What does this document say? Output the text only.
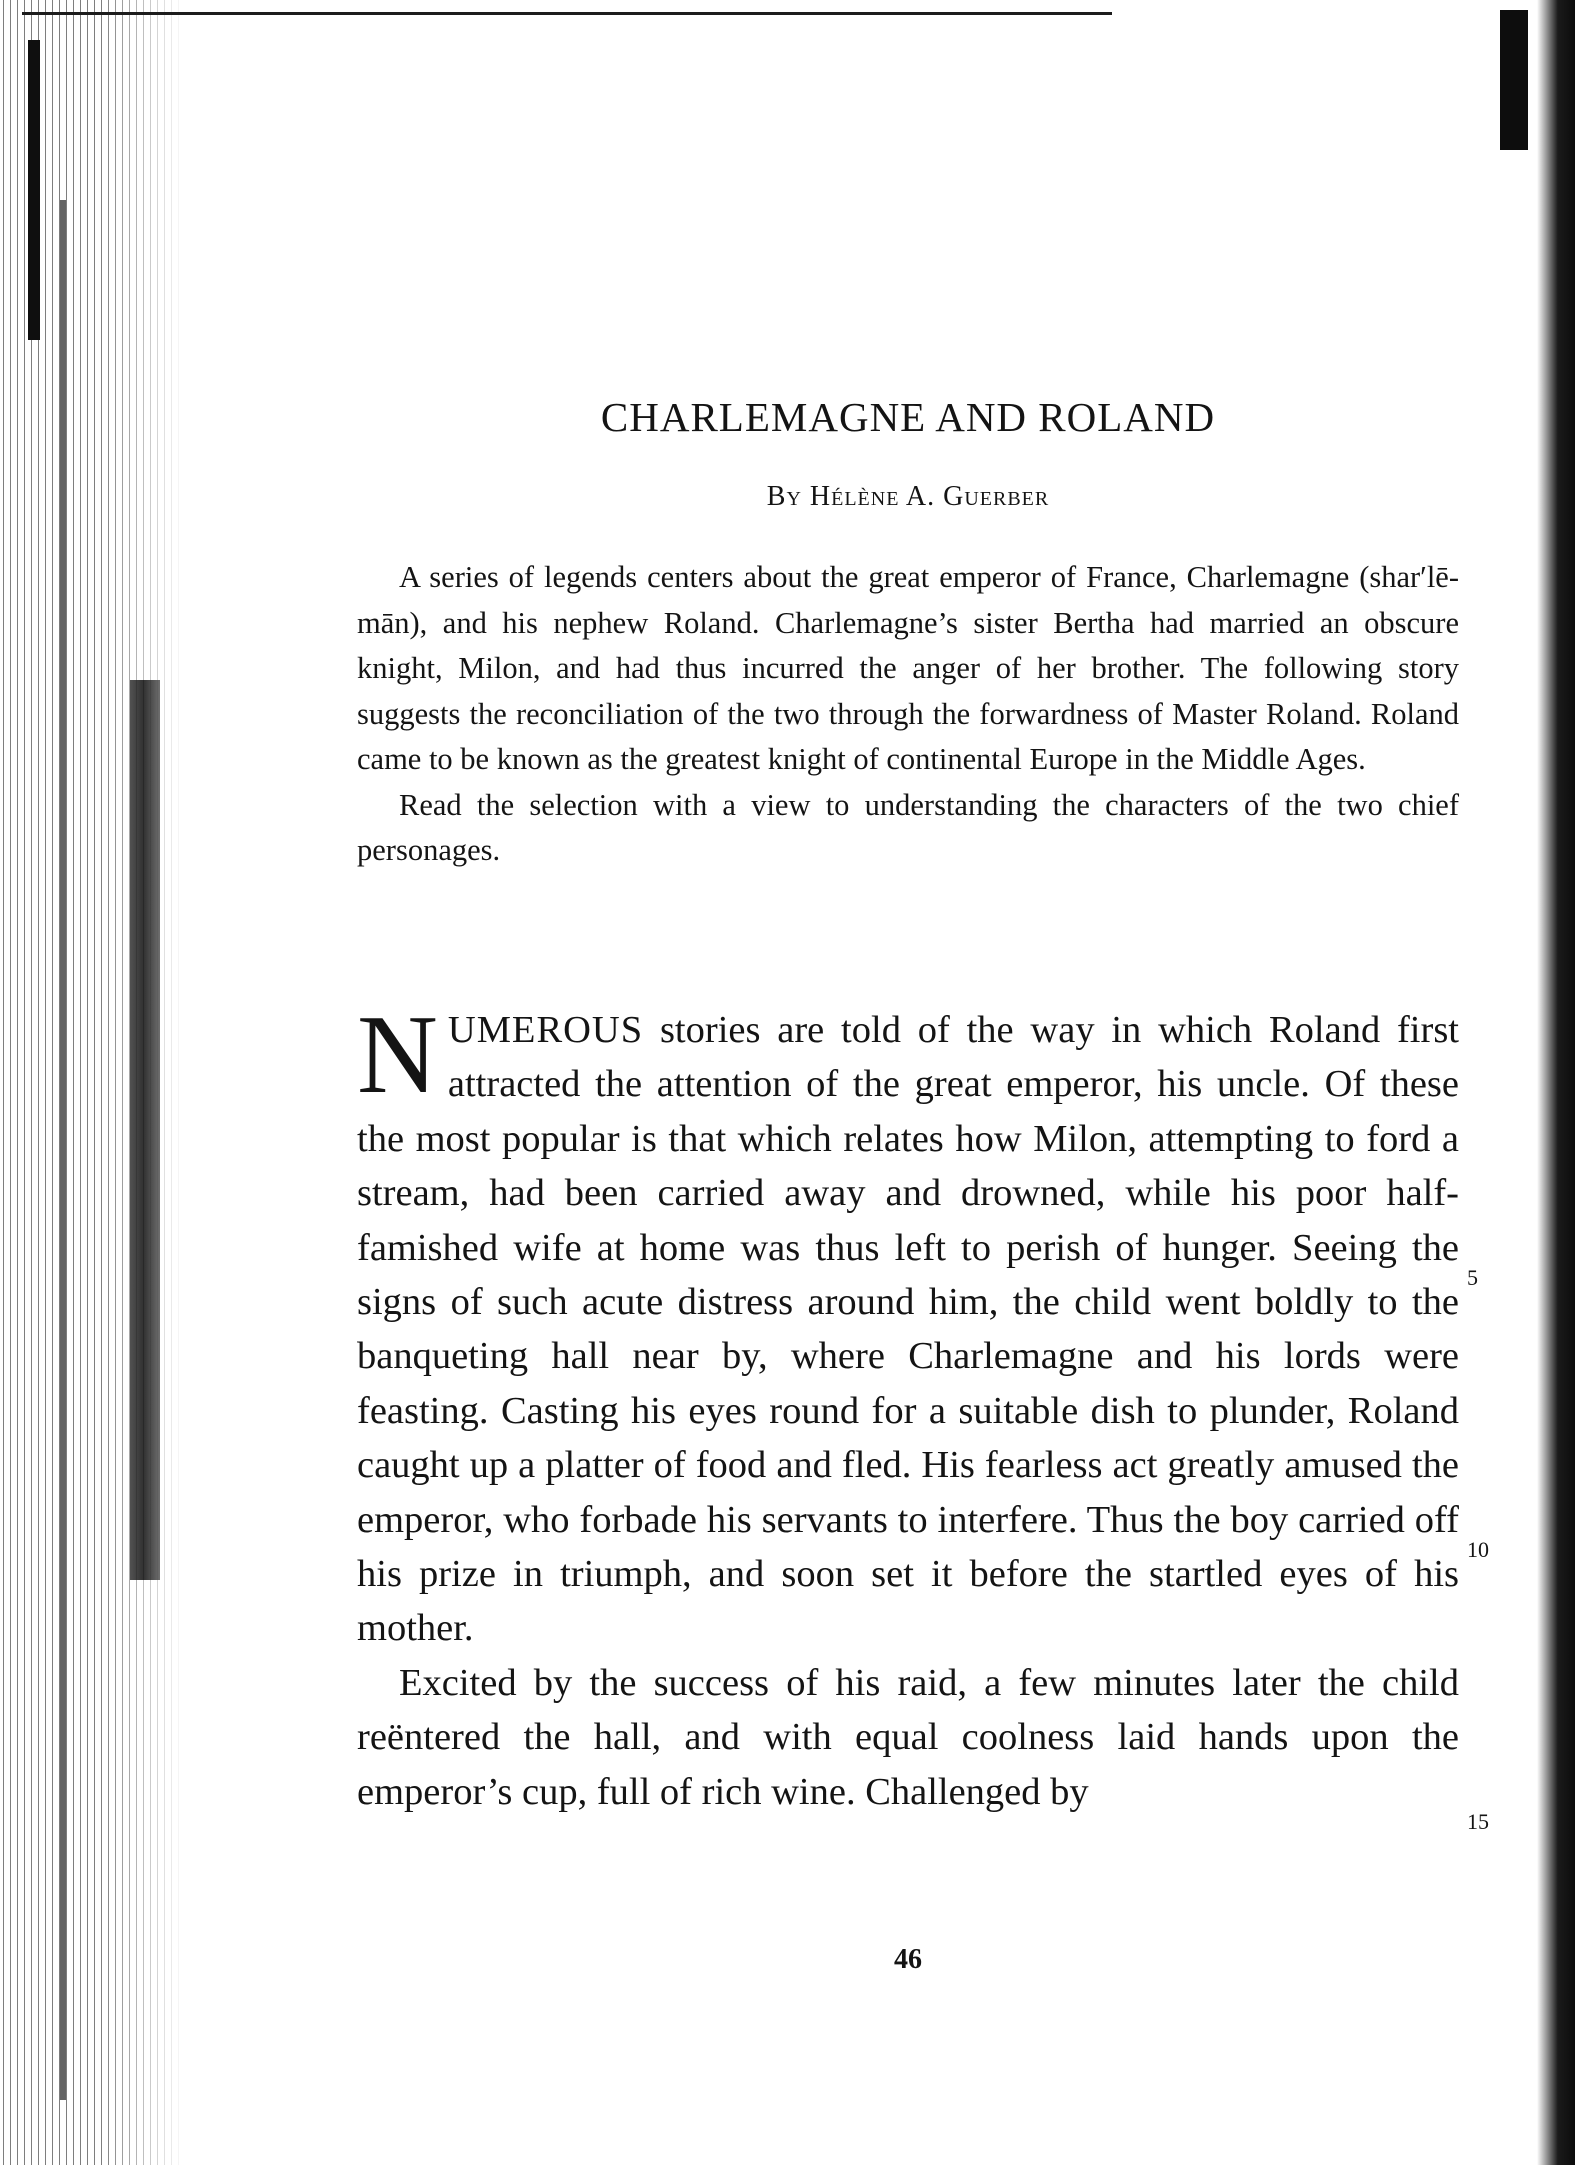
CHARLEMAGNE AND ROLAND
By Hélène A. Guerber

A series of legends centers about the great emperor of France, Charlemagne (shar′lē-mān), and his nephew Roland. Charlemagne’s sister Bertha had married an obscure knight, Milon, and had thus incurred the anger of her brother. The following story suggests the reconciliation of the two through the forwardness of Master Roland. Roland came to be known as the greatest knight of continental Europe in the Middle Ages.

Read the selection with a view to understanding the characters of the two chief personages.

NUMEROUS stories are told of the way in which Roland first attracted the attention of the great emperor, his uncle. Of these the most popular is that which relates how Milon, attempting to ford a stream, had been carried away and drowned, while his poor half-famished wife at home was thus left to perish of hunger. Seeing the signs of such acute distress around him, the child went boldly to the banqueting hall near by, where Charlemagne and his lords were feasting. Casting his eyes round for a suitable dish to plunder, Roland caught up a platter of food and fled. His fearless act greatly amused the emperor, who forbade his servants to interfere. Thus the boy carried off his prize in triumph, and soon set it before the startled eyes of his mother.

Excited by the success of his raid, a few minutes later the child reëntered the hall, and with equal coolness laid hands upon the emperor’s cup, full of rich wine. Challenged by

46
5
10
15
